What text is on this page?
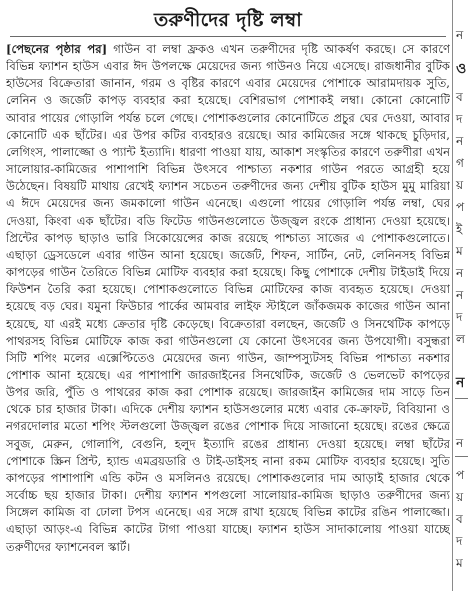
তরুণীদের দৃষ্টি লম্বা

[পেছনের পৃষ্ঠার পর] গাউন বা লম্বা ফ্রকও এখন তরুণীদের দৃষ্টি আকর্ষণ করছে। সে কারণে বিভিন্ন ফ্যাশন হাউস এবার ঈদ উপলক্ষে মেয়েদের জন্য গাউনও নিয়ে এসেছে। রাজধানীর বুটিক হাউসের বিক্রেতারা জানান, গরম ও বৃষ্টির কারণে এবার মেয়েদের পোশাকে আরামদায়ক সুতি, লেনিন ও জর্জেট কাপড় ব্যবহার করা হয়েছে। বেশিরভাগ পোশাকই লম্বা। কোনো কোনোটি আবার পায়ের গোড়ালি পর্যন্ত চলে গেছে। পোশাকগুলোর কোনোটিতে প্রচুর ঘের দেওয়া, আবার কোনোটি এক ছাঁটের। এর উপর কটির ব্যবহারও রয়েছে। আর কামিজের সঙ্গে থাকছে চুড়িদার, লেগিংস, পালাজ্জো ও প্যান্ট ইত্যাদি। ধারণা পাওয়া যায়, আকাশ সংস্কৃতির কারণে তরুণীরা এখন সালোয়ার-কামিজের পাশাপাশি বিভিন্ন উৎসবে পাশ্চাত্য নকশার গাউন পরতে আগ্রহী হয়ে উঠেছেন। বিষয়টি মাথায় রেখেই ফ্যাশন সচেতন তরুণীদের জন্য দেশীয় বুটিক হাউস মুমু মারিয়া এ ঈদে মেয়েদের জন্য জমকালো গাউন এনেছে। এগুলো পায়ের গোড়ালি পর্যন্ত লম্বা, ঘের দেওয়া, কিংবা এক ছাঁটের। বডি ফিটেড গাউনগুলোতে উজ্জ্বল রংকে প্রাধান্য দেওয়া হয়েছে। প্রিন্টের কাপড় ছাড়াও ভারি সিকোয়েন্সের কাজ রয়েছে পাশ্চাত্য সাজের এ পোশাকগুলোতে। এছাড়া ড্রেসডেলে এবার গাউন আনা হয়েছে। জর্জেট, শিফন, সার্টিন, নেট, লেনিনসহ বিভিন্ন কাপড়ের গাউন তৈরিতে বিভিন্ন মোটিফ ব্যবহার করা হয়েছে। কিছু পোশাকে দেশীয় টাইডাই দিয়ে ফিউশন তৈরি করা হয়েছে। পোশাকগুলোতে বিভিন্ন মোটিফের কাজ ব্যবহৃত হয়েছে। দেওয়া হয়েছে বড় ঘের। যমুনা ফিউচার পার্কের আমবার লাইফ স্টাইলে জাঁকজমক কাজের গাউন আনা হয়েছে, যা এরই মধ্যে ক্রেতার দৃষ্টি কেড়েছে। বিক্রেতারা বলছেন, জর্জেট ও সিনথেটিক কাপড়ে পাথরসহ বিভিন্ন মোটিফে কাজ করা গাউনগুলো যে কোনো উৎসবের জন্য উপযোগী। বসুন্ধরা সিটি শপিং মলের এক্সেপ্টিতেও মেয়েদের জন্য গাউন, জাম্পস্যুটসহ বিভিন্ন পাশ্চাত্য নকশার পোশাক আনা হয়েছে। এর পাশাপাশি জারজাইনের সিনথেটিক, জর্জেট ও ভেলভেট কাপড়ের উপর জরি, পুঁতি ও পাথরের কাজ করা পোশাক রয়েছে। জারজাইন কামিজের দাম সাড়ে তিন থেকে চার হাজার টাকা। এদিকে দেশীয় ফ্যাশন হাউসগুলোর মধ্যে এবার কে-ক্রাফট, বিবিয়ানা ও নগরদোলার মতো শপিং স্টলগুলো উজ্জ্বল রঙের পোশাক দিয়ে সাজানো হয়েছে। রঙের ক্ষেত্রে সবুজ, মেরুন, গোলাপি, বেগুনি, হলুদ ইত্যাদি রঙের প্রাধান্য দেওয়া হয়েছে। লম্বা ছাঁটের পোশাকে স্ক্রিন প্রিন্ট, হ্যান্ড এমব্রয়ডারি ও টাই-ডাইসহ নানা রকম মোটিফ ব্যবহার হয়েছে। সুতি কাপড়ের পাশাপাশি এন্ডি কটন ও মসলিনও রয়েছে। পোশাকগুলোর দাম আড়াই হাজার থেকে সর্বোচ্চ ছয় হাজার টাকা। দেশীয় ফ্যাশন শপগুলো সালোয়ার-কামিজ ছাড়াও তরুণীদের জন্য সিঙ্গেল কামিজ বা ঢোলা টপস এনেছে। এর সঙ্গে রাখা হয়েছে বিভিন্ন কাটের রঙিন পালাজ্জো। এছাড়া আড়ং-এ বিভিন্ন কাটের টাগা পাওয়া যাচ্ছে। ফ্যাশন হাউস সাদাকালোয় পাওয়া যাচ্ছে তরুণীদের ফ্যাশনেবল স্কার্ট।

ন
ও
ব
দ
ন
গ
য়
প
ই
ম
ন
ন
দ
ল
ন
ন
প
য়
ব
দ
ম
